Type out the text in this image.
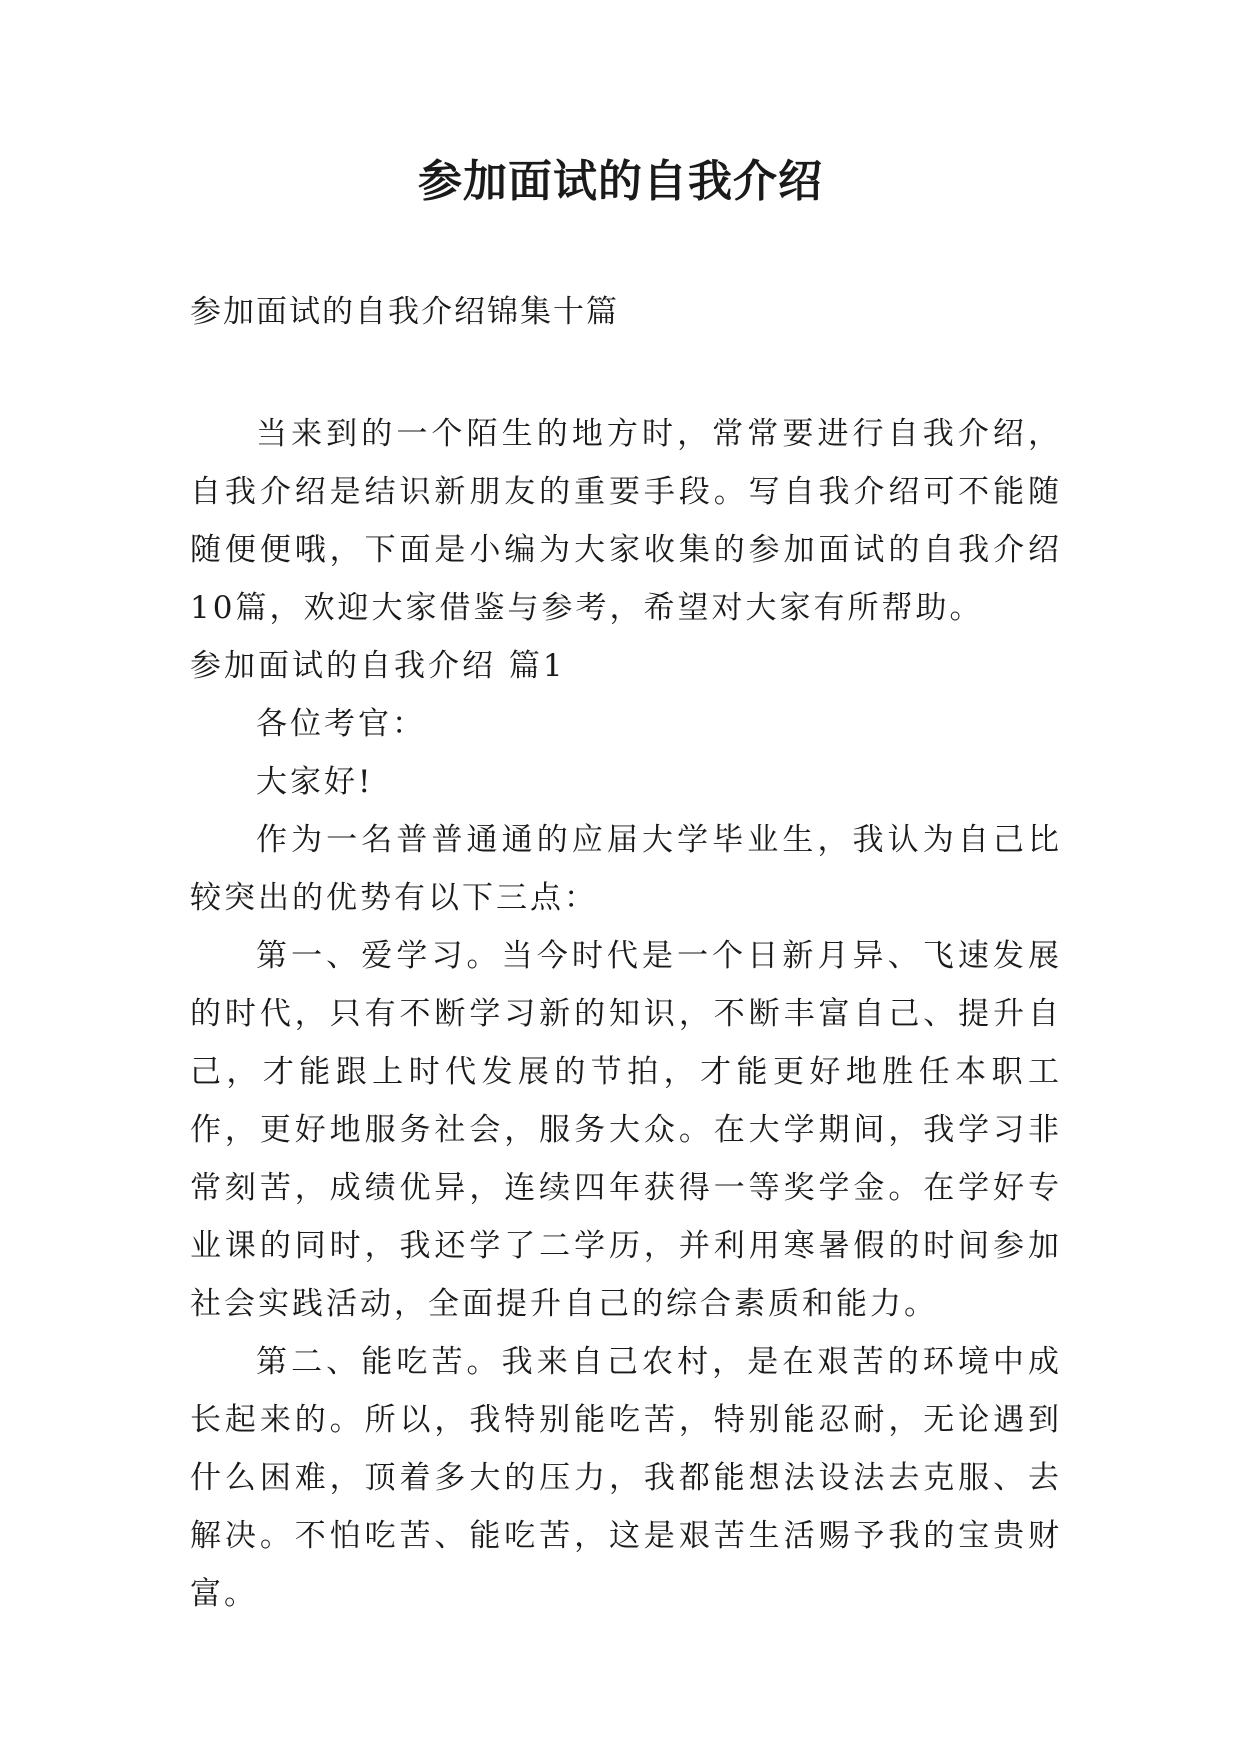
参加面试的自我介绍
参加面试的自我介绍锦集十篇

当来到的一个陌生的地方时，常常要进行自我介绍，自我介绍是结识新朋友的重要手段。写自我介绍可不能随随便便哦，下面是小编为大家收集的参加面试的自我介绍10篇，欢迎大家借鉴与参考，希望对大家有所帮助。

参加面试的自我介绍 篇1

各位考官：

大家好!

作为一名普普通通的应届大学毕业生，我认为自己比较突出的优势有以下三点：

第一、爱学习。当今时代是一个日新月异、飞速发展的时代，只有不断学习新的知识，不断丰富自己、提升自己，才能跟上时代发展的节拍，才能更好地胜任本职工作，更好地服务社会，服务大众。在大学期间，我学习非常刻苦，成绩优异，连续四年获得一等奖学金。在学好专业课的同时，我还学了二学历，并利用寒暑假的时间参加社会实践活动，全面提升自己的综合素质和能力。

第二、能吃苦。我来自己农村，是在艰苦的环境中成长起来的。所以，我特别能吃苦，特别能忍耐，无论遇到什么困难，顶着多大的压力，我都能想法设法去克服、去解决。不怕吃苦、能吃苦，这是艰苦生活赐予我的宝贵财富。
